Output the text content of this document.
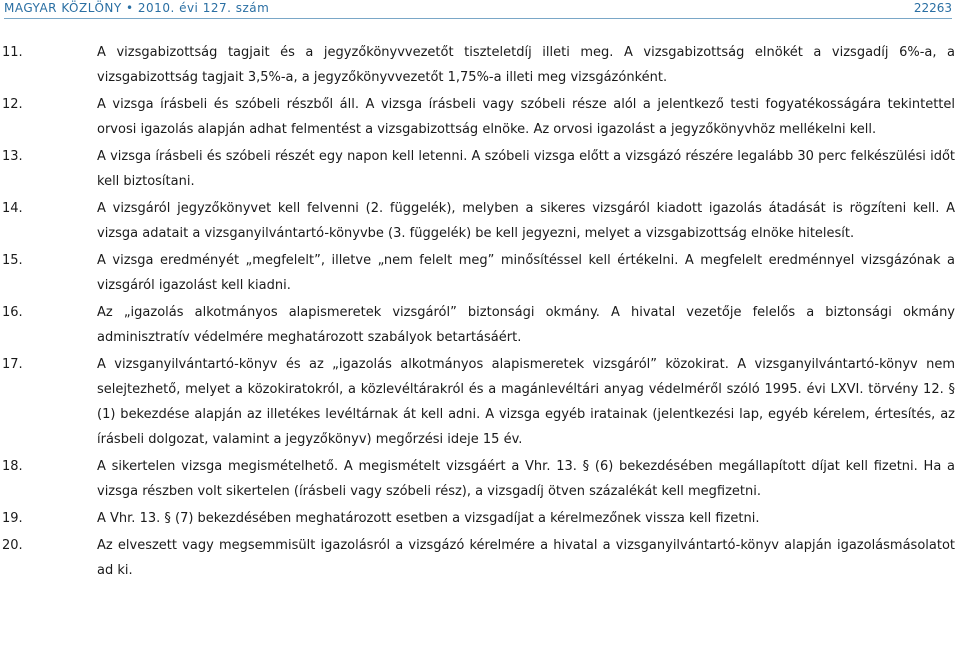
MAGYAR KÖZLÖNY • 2010. évi 127. szám	22263
11.	A vizsgabizottság tagjait és a jegyzőkönyvvezetőt tiszteletdíj illeti meg. A vizsgabizottság elnökét a vizsgadíj 6%-a, a vizsgabizottság tagjait 3,5%-a, a jegyzőkönyvvezetőt 1,75%-a illeti meg vizsgázónként.
12.	A vizsga írásbeli és szóbeli részből áll. A vizsga írásbeli vagy szóbeli része alól a jelentkező testi fogyatékosságára tekintettel orvosi igazolás alapján adhat felmentést a vizsgabizottság elnöke. Az orvosi igazolást a jegyzőkönyvhöz mellékelni kell.
13.	A vizsga írásbeli és szóbeli részét egy napon kell letenni. A szóbeli vizsga előtt a vizsgázó részére legalább 30 perc felkészülési időt kell biztosítani.
14.	A vizsgáról jegyzőkönyvet kell felvenni (2. függelék), melyben a sikeres vizsgáról kiadott igazolás átadását is rögzíteni kell. A vizsga adatait a vizsganyilvántartó-könyvbe (3. függelék) be kell jegyezni, melyet a vizsgabizottság elnöke hitelesít.
15.	A vizsga eredményét „megfelelt”, illetve „nem felelt meg” minősítéssel kell értékelni. A megfelelt eredménnyel vizsgázónak a vizsgáról igazolást kell kiadni.
16.	Az „igazolás alkotmányos alapismeretek vizsgáról” biztonsági okmány. A hivatal vezetője felelős a biztonsági okmány adminisztratív védelmére meghatározott szabályok betartásáért.
17.	A vizsganyilvántartó-könyv és az „igazolás alkotmányos alapismeretek vizsgáról” közokirat. A vizsganyilvántartó-könyv nem selejtezhető, melyet a közokiratokról, a közlevéltárakról és a magánlevéltári anyag védelméről szóló 1995. évi LXVI. törvény 12. § (1) bekezdése alapján az illetékes levéltárnak át kell adni. A vizsga egyéb iratainak (jelentkezési lap, egyéb kérelem, értesítés, az írásbeli dolgozat, valamint a jegyzőkönyv) megőrzési ideje 15 év.
18.	A sikertelen vizsga megismételhető. A megismételt vizsgáért a Vhr. 13. § (6) bekezdésében megállapított díjat kell fizetni. Ha a vizsga részben volt sikertelen (írásbeli vagy szóbeli rész), a vizsgadíj ötven százalékát kell megfizetni.
19.	A Vhr. 13. § (7) bekezdésében meghatározott esetben a vizsgadíjat a kérelmezőnek vissza kell fizetni.
20.	Az elveszett vagy megsemmisült igazolásról a vizsgázó kérelmére a hivatal a vizsganyilvántartó-könyv alapján igazolásmásolatot ad ki.
